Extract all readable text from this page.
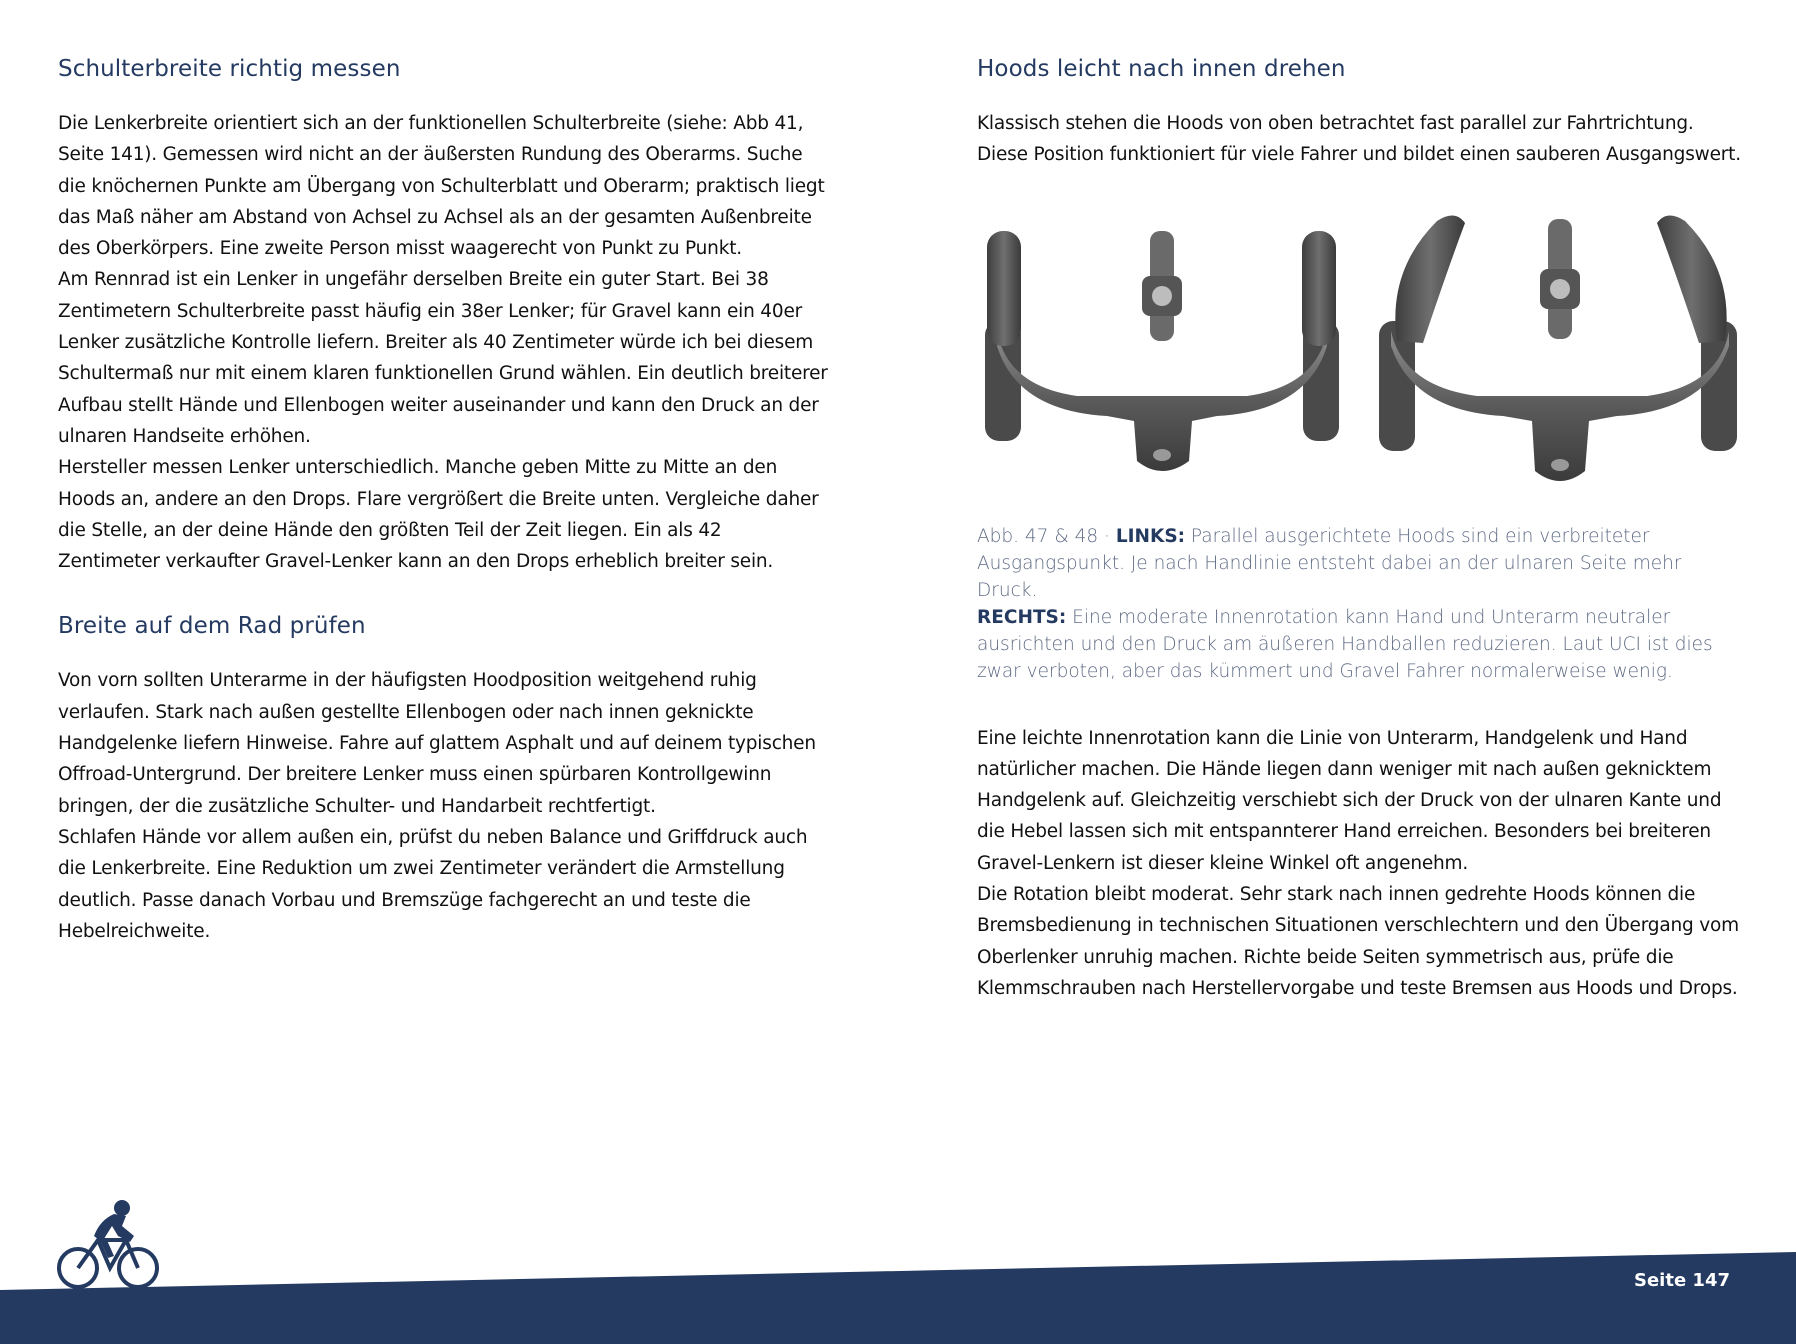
Schulterbreite richtig messen

Die Lenkerbreite orientiert sich an der funktionellen Schulterbreite (siehe: Abb 41, Seite 141). Gemessen wird nicht an der äußersten Rundung des Oberarms. Suche die knöchernen Punkte am Übergang von Schulterblatt und Oberarm; praktisch liegt das Maß näher am Abstand von Achsel zu Achsel als an der gesamten Außenbreite des Oberkörpers. Eine zweite Person misst waagerecht von Punkt zu Punkt.

Am Rennrad ist ein Lenker in ungefähr derselben Breite ein guter Start. Bei 38 Zentimetern Schulterbreite passt häufig ein 38er Lenker; für Gravel kann ein 40er Lenker zusätzliche Kontrolle liefern. Breiter als 40 Zentimeter würde ich bei diesem Schultermaß nur mit einem klaren funktionellen Grund wählen. Ein deutlich breiterer Aufbau stellt Hände und Ellenbogen weiter auseinander und kann den Druck an der ulnaren Handseite erhöhen.

Hersteller messen Lenker unterschiedlich. Manche geben Mitte zu Mitte an den Hoods an, andere an den Drops. Flare vergrößert die Breite unten. Vergleiche daher die Stelle, an der deine Hände den größten Teil der Zeit liegen. Ein als 42 Zentimeter verkaufter Gravel-Lenker kann an den Drops erheblich breiter sein.

Breite auf dem Rad prüfen

Von vorn sollten Unterarme in der häufigsten Hoodposition weitgehend ruhig verlaufen. Stark nach außen gestellte Ellenbogen oder nach innen geknickte Handgelenke liefern Hinweise. Fahre auf glattem Asphalt und auf deinem typischen Offroad-Untergrund. Der breitere Lenker muss einen spürbaren Kontrollgewinn bringen, der die zusätzliche Schulter- und Handarbeit rechtfertigt.

Schlafen Hände vor allem außen ein, prüfst du neben Balance und Griffdruck auch die Lenkerbreite. Eine Reduktion um zwei Zentimeter verändert die Armstellung deutlich. Passe danach Vorbau und Bremszüge fachgerecht an und teste die Hebelreichweite.

Hoods leicht nach innen drehen

Klassisch stehen die Hoods von oben betrachtet fast parallel zur Fahrtrichtung. Diese Position funktioniert für viele Fahrer und bildet einen sauberen Ausgangswert.

Abb. 47 & 48 · LINKS: Parallel ausgerichtete Hoods sind ein verbreiteter Ausgangspunkt. Je nach Handlinie entsteht dabei an der ulnaren Seite mehr Druck.
RECHTS: Eine moderate Innenrotation kann Hand und Unterarm neutraler ausrichten und den Druck am äußeren Handballen reduzieren. Laut UCI ist dies zwar verboten, aber das kümmert und Gravel Fahrer normalerweise wenig.

Eine leichte Innenrotation kann die Linie von Unterarm, Handgelenk und Hand natürlicher machen. Die Hände liegen dann weniger mit nach außen geknicktem Handgelenk auf. Gleichzeitig verschiebt sich der Druck von der ulnaren Kante und die Hebel lassen sich mit entspannterer Hand erreichen. Besonders bei breiteren Gravel-Lenkern ist dieser kleine Winkel oft angenehm.

Die Rotation bleibt moderat. Sehr stark nach innen gedrehte Hoods können die Bremsbedienung in technischen Situationen verschlechtern und den Übergang vom Oberlenker unruhig machen. Richte beide Seiten symmetrisch aus, prüfe die Klemmschrauben nach Herstellervorgabe und teste Bremsen aus Hoods und Drops.

Seite 147
